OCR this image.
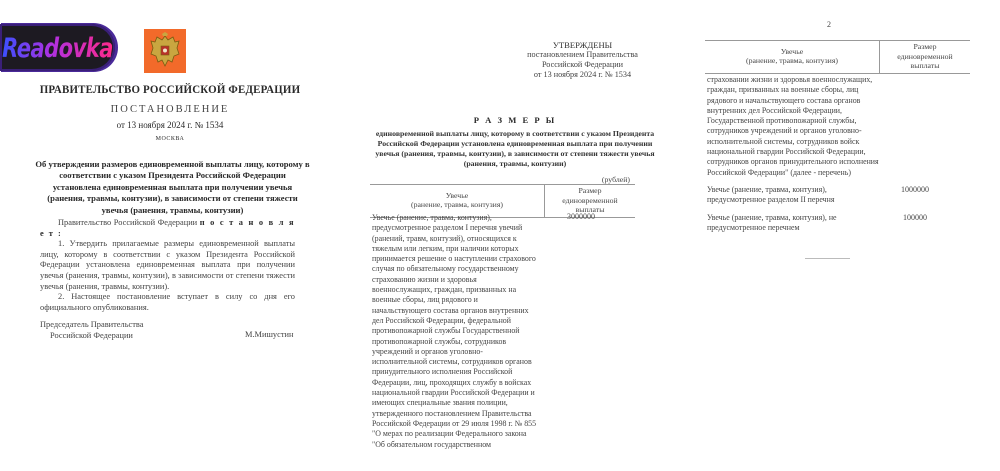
Readovka
ПРАВИТЕЛЬСТВО РОССИЙСКОЙ ФЕДЕРАЦИИ
ПОСТАНОВЛЕНИЕ
от 13 ноября 2024 г. № 1534
МОСКВА
Об утверждении размеров единовременной выплаты лицу, которому в соответствии с указом Президента Российской Федерации установлена единовременная выплата при получении увечья (ранения, травмы, контузии), в зависимости от степени тяжести увечья (ранения, травмы, контузии)
Правительство Российской Федерации п о с т а н о в л я е т :
1. Утвердить прилагаемые размеры единовременной выплаты лицу, которому в соответствии с указом Президента Российской Федерации установлена единовременная выплата при получении увечья (ранения, травмы, контузии), в зависимости от степени тяжести увечья (ранения, травмы, контузии).
2. Настоящее постановление вступает в силу со дня его официального опубликования.
Председатель Правительства
Российской Федерации	М.Мишустин
УТВЕРЖДЕНЫ
постановлением Правительства
Российской Федерации
от 13 ноября 2024 г. № 1534
Р А З М Е Р Ы
единовременной выплаты лицу, которому в соответствии с указом Президента Российской Федерации установлена единовременная выплата при получении увечья (ранения, травмы, контузии), в зависимости от степени тяжести увечья (ранения, травмы, контузии)
(рублей)
Увечье
(ранение, травма, контузия)

Размер
единовременной выплаты
Увечье (ранение, травма, контузия), предусмотренное разделом I перечня увечий (ранений, травм, контузий), относящихся к тяжелым или легким, при наличии которых принимается решение о наступлении страхового случая по обязательному государственному страхованию жизни и здоровья военнослужащих, граждан, призванных на военные сборы, лиц рядового и начальствующего состава органов внутренних дел Российской Федерации, федеральной противопожарной службы Государственной противопожарной службы, сотрудников учреждений и органов уголовно-исполнительной системы, сотрудников органов принудительного исполнения Российской Федерации, лиц, проходящих службу в войсках национальной гвардии Российской Федерации и имеющих специальные звания полиции, утвержденного постановлением Правительства Российской Федерации от 29 июля 1998 г. № 855 "О мерах по реализации Федерального закона "Об обязательном государственном
3000000
2
Увечье
(ранение, травма, контузия)

Размер
единовременной выплаты
страховании жизни и здоровья военнослужащих, граждан, призванных на военные сборы, лиц рядового и начальствующего состава органов внутренних дел Российской Федерации, Государственной противопожарной службы, сотрудников учреждений и органов уголовно-исполнительной системы, сотрудников войск национальной гвардии Российской Федерации, сотрудников органов принудительного исполнения Российской Федерации" (далее - перечень)
Увечье (ранение, травма, контузия), предусмотренное разделом II перечня
1000000
Увечье (ранение, травма, контузия), не предусмотренное перечнем
100000
